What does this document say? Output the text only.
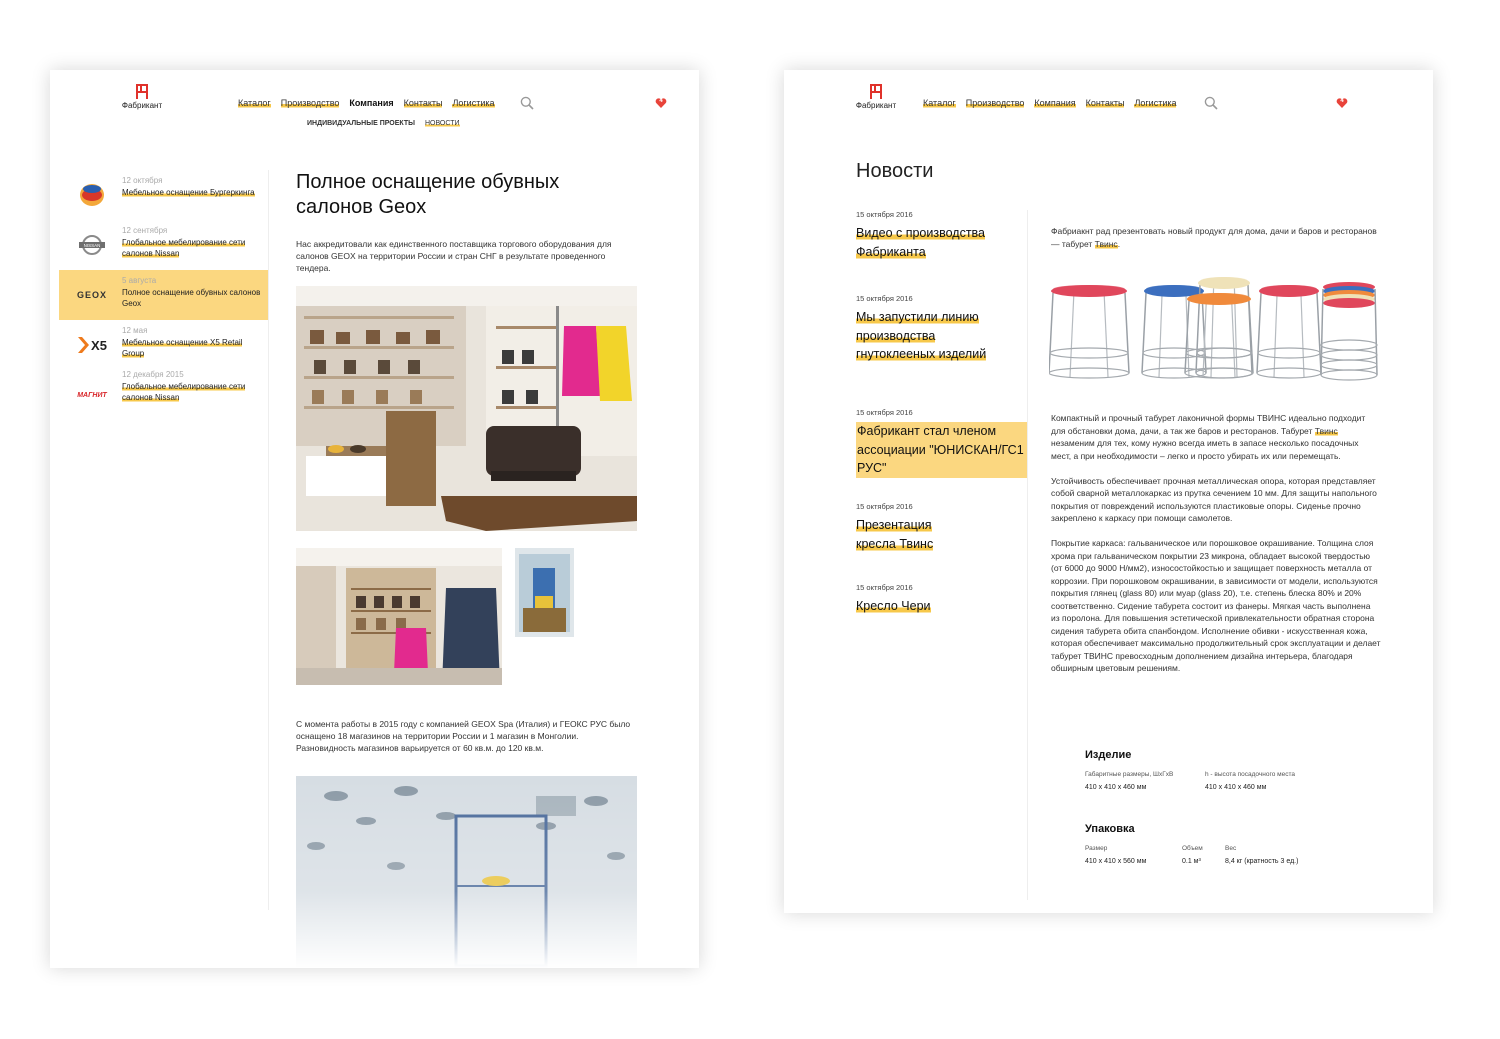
Фабрикант	Каталог Производство Компания Контакты Логистика	4
ИНДИВИДУАЛЬНЫЕ ПРОЕКТЫ НОВОСТИ
12 октября
Мебельное оснащение Бургеркинга
NISSAN
12 сентября
Глобальное мебелирование сети салонов Nissan
GEOX
5 августа
Полное оснащение обувных салонов Geox
X5
12 мая
Мебельное оснащение X5 Retail Group
МАГНИТ
12 декабря 2015
Глобальное мебелирование сети салонов Nissan
Полное оснащение обувных салонов Geox

Нас аккредитовали как единственного поставщика торгового оборудования для салонов GEOX на территории России и стран СНГ в результате проведенного тендера.

С момента работы в 2015 году с компанией GEOX Spa (Италия) и ГЕОКС РУС было оснащено 18 магазинов на территории России и 1 магазин в Монголии. Разновидность магазинов варьируется от 60 кв.м. до 120 кв.м.

Фабрикант	Каталог Производство Компания Контакты Логистика	4
Новости
15 октября 2016
Видео с производства Фабриканта
15 октября 2016
Мы запустили линию производства гнутоклееных изделий
15 октября 2016
Фабрикант стал членом ассоциации "ЮНИСКАН/ГС1 РУС"
15 октября 2016
Презентация кресла Твинс
15 октября 2016
Кресло Чери

Фабриакнт рад презентовать новый продукт для дома, дачи и баров и ресторанов — табурет Твинс.

Компактный и прочный табурет лаконичной формы ТВИНС идеально подходит для обстановки дома, дачи, а так же баров и ресторанов. Табурет Твинс незаменим для тех, кому нужно всегда иметь в запасе несколько посадочных мест, а при необходимости – легко и просто убирать их или перемещать.

Устойчивость обеспечивает прочная металлическая опора, которая представляет собой сварной металлокаркас из прутка сечением 10 мм. Для защиты напольного покрытия от повреждений используются пластиковые опоры. Сиденье прочно закреплено к каркасу при помощи самолетов.

Покрытие каркаса: гальваническое или порошковое окрашивание. Толщина слоя хрома при гальваническом покрытии 23 микрона, обладает высокой твердостью (от 6000 до 9000 Н/мм2), износостойкостью и защищает поверхность металла от коррозии. При порошковом окрашивании, в зависимости от модели, используются покрытия глянец (glass 80) или муар (glass 20), т.е. степень блеска 80% и 20% соответственно. Сидение табурета состоит из фанеры. Мягкая часть выполнена из поролона. Для повышения эстетической привлекательности обратная сторона сидения табурета обита спанбондом. Исполнение обивки - искусственная кожа, которая обеспечивает максимально продолжительный срок эксплуатации и делает табурет ТВИНС превосходным дополнением дизайна интерьера, благодаря обширным цветовым решениям.

Изделие
Габаритные размеры, ШхГхВ
410 х 410 х 460 мм
h - высота посадочного места
410 х 410 х 460 мм
Упаковка
Размер
410 х 410 х 560 мм
Объем
0.1 м³
Вес
8,4 кг (кратность 3 ед.)
